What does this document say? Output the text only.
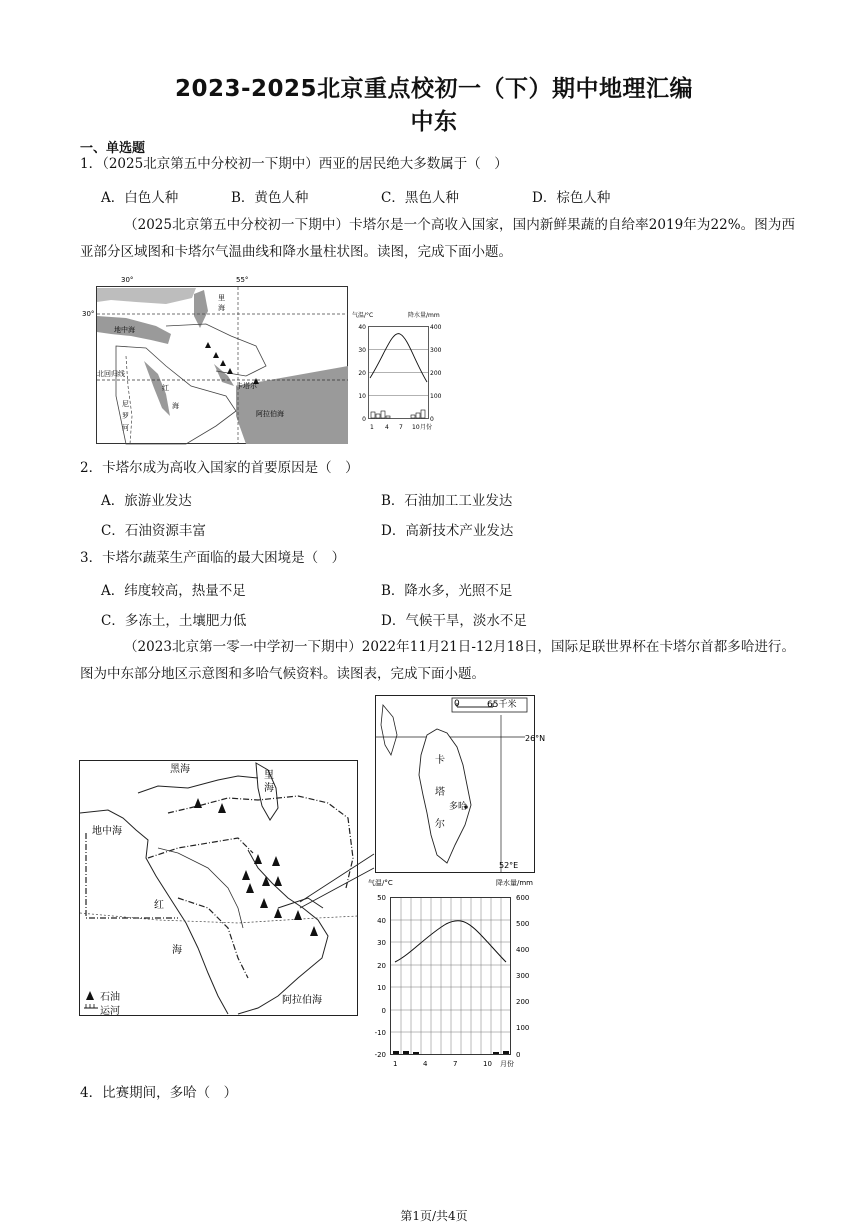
2023-2025北京重点校初一（下）期中地理汇编
中东
一、单选题
1．（2025北京第五中分校初一下期中）西亚的居民绝大多数属于（　）
A．白色人种	B．黄色人种	C．黑色人种	D．棕色人种
（2025北京第五中分校初一下期中）卡塔尔是一个高收入国家，国内新鲜果蔬的自给率2019年为22%。图为西亚部分区域图和卡塔尔气温曲线和降水量柱状图。读图，完成下面小题。
30°	55°
30°
里
海
地中海
卡塔尔
尼
罗
河
红
海
阿拉伯海
北回归线
气温/°C	降水量/mm
40
30
20
10
0
400
300
200
100
0
1 4 7 10 月份
2．卡塔尔成为高收入国家的首要原因是（　）
A．旅游业发达	B．石油加工工业发达
C．石油资源丰富	D．高新技术产业发达
3．卡塔尔蔬菜生产面临的最大困境是（　）
A．纬度较高，热量不足	B．降水多，光照不足
C．多冻土，土壤肥力低	D．气候干旱，淡水不足
（2023北京第一零一中学初一下期中）2022年11月21日-12月18日，国际足联世界杯在卡塔尔首都多哈进行。图为中东部分地区示意图和多哈气候资料。读图表，完成下面小题。
石油
运河
黑海
里
海
地中海
红
海
阿拉伯海
0	65千米
26°N
52°E
卡
塔
尔
多哈
气温/°C	降水量/mm
50
40
30
20
10
0
-10
-20
600
500
400
300
200
100
0
1	4	7	10 月份
4．比赛期间，多哈（　）
第1页/共4页
